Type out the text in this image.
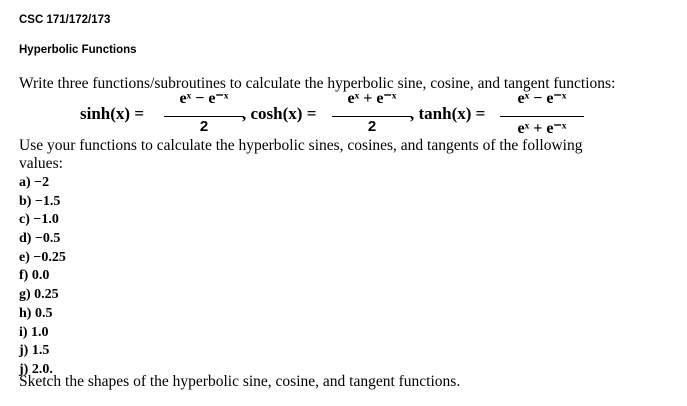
CSC 171/172/173
Hyperbolic Functions
Write three functions/subroutines to calculate the hyperbolic sine, cosine, and tangent functions:
sinh(x) =
eˣ − e⁻ˣ
2
, cosh(x) =
eˣ + e⁻ˣ
2
, tanh(x) =
eˣ − e⁻ˣ
eˣ + e⁻ˣ
Use your functions to calculate the hyperbolic sines, cosines, and tangents of the following
values:
a) −2
b) −1.5
c) −1.0
d) −0.5
e) −0.25
f) 0.0
g) 0.25
h) 0.5
i) 1.0
j) 1.5
j) 2.0.
Sketch the shapes of the hyperbolic sine, cosine, and tangent functions.
